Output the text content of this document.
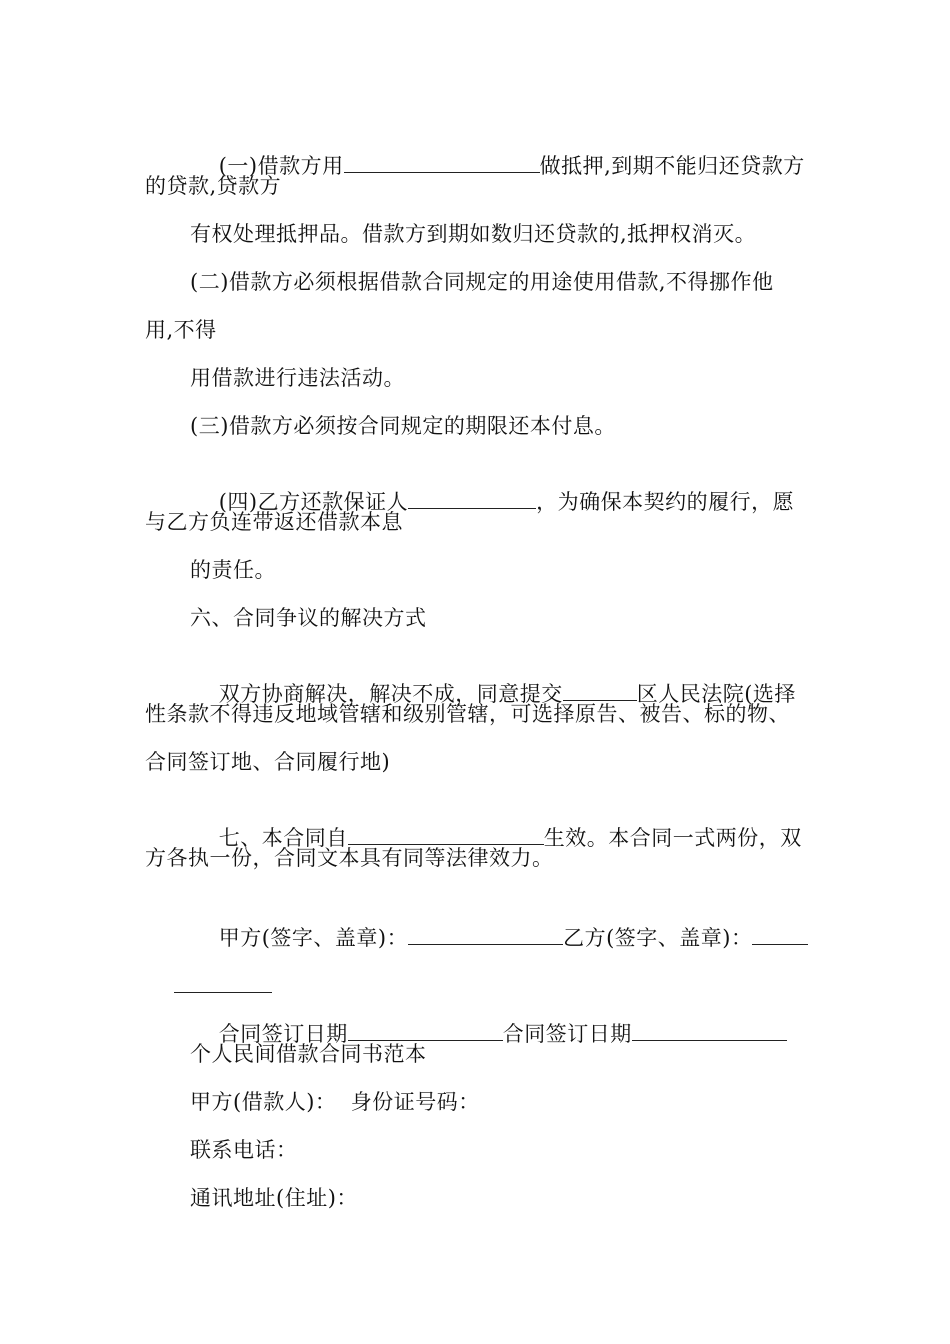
(一)借款方用	做抵押,到期不能归还贷款方

的贷款,贷款方
有权处理抵押品。借款方到期如数归还贷款的,抵押权消灭。
(二)借款方必须根据借款合同规定的用途使用借款,不得挪作他
用,不得
用借款进行违法活动。
(三)借款方必须按合同规定的期限还本付息。

(四)乙方还款保证人	，为确保本契约的履行，愿

与乙方负连带返还借款本息
的责任。
六、合同争议的解决方式

双方协商解决，解决不成，同意提交	区人民法院(选择

性条款不得违反地域管辖和级别管辖，可选择原告、被告、标的物、
合同签订地、合同履行地)

七、本合同自	生效。本合同一式两份，双

方各执一份，合同文本具有同等法律效力。

甲方(签字、盖章)：	乙方(签字、盖章)：

合同签订日期	合同签订日期

个人民间借款合同书范本
甲方(借款人)：  身份证号码：
联系电话：
通讯地址(住址)：
